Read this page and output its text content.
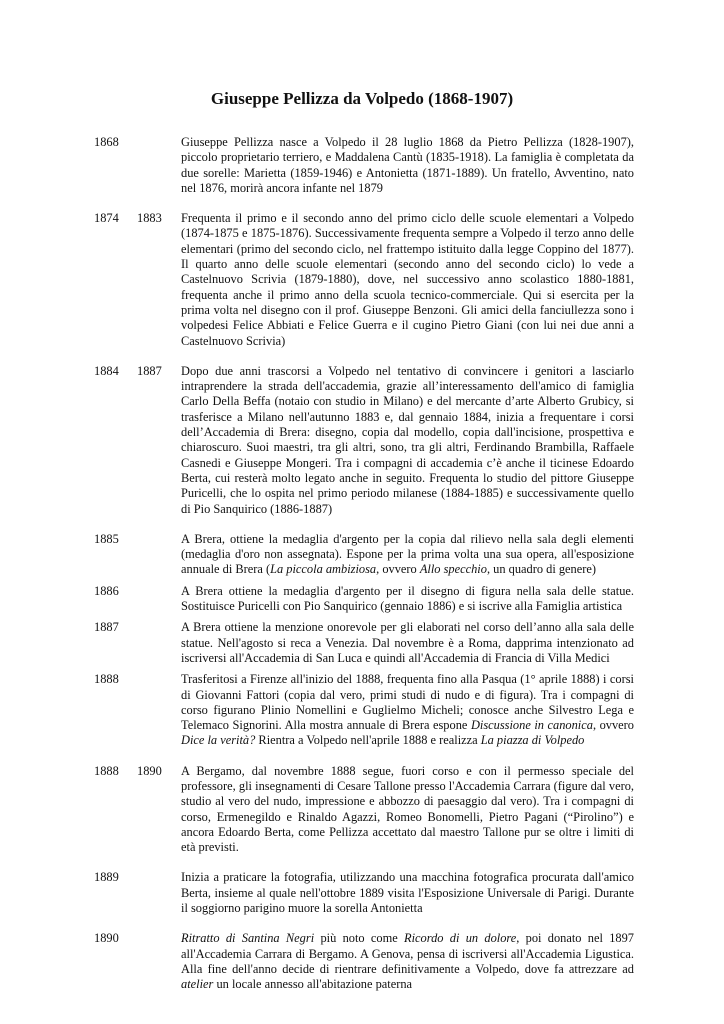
Giuseppe Pellizza da Volpedo (1868-1907)
1868	Giuseppe Pellizza nasce a Volpedo il 28 luglio 1868 da Pietro Pellizza (1828-1907), piccolo proprietario terriero, e Maddalena Cantù (1835-1918). La famiglia è completata da due sorelle: Marietta (1859-1946) e Antonietta (1871-1889). Un fratello, Avventino, nato nel 1876, morirà ancora infante nel 1879
1874 1883 Frequenta il primo e il secondo anno del primo ciclo delle scuole elementari a Volpedo (1874-1875 e 1875-1876). Successivamente frequenta sempre a Volpedo il terzo anno delle elementari (primo del secondo ciclo, nel frattempo istituito dalla legge Coppino del 1877). Il quarto anno delle scuole elementari (secondo anno del secondo ciclo) lo vede a Castelnuovo Scrivia (1879-1880), dove, nel successivo anno scolastico 1880-1881, frequenta anche il primo anno della scuola tecnico-commerciale. Qui si esercita per la prima volta nel disegno con il prof. Giuseppe Benzoni. Gli amici della fanciullezza sono i volpedesi Felice Abbiati e Felice Guerra e il cugino Pietro Giani (con lui nei due anni a Castelnuovo Scrivia)
1884 1887 Dopo due anni trascorsi a Volpedo nel tentativo di convincere i genitori a lasciarlo intraprendere la strada dell'accademia, grazie all’interessamento dell'amico di famiglia Carlo Della Beffa (notaio con studio in Milano) e del mercante d’arte Alberto Grubicy, si trasferisce a Milano nell'autunno 1883 e, dal gennaio 1884, inizia a frequentare i corsi dell’Accademia di Brera: disegno, copia dal modello, copia dall'incisione, prospettiva e chiaroscuro. Suoi maestri, tra gli altri, sono, tra gli altri, Ferdinando Brambilla, Raffaele Casnedi e Giuseppe Mongeri. Tra i compagni di accademia c’è anche il ticinese Edoardo Berta, cui resterà molto legato anche in seguito. Frequenta lo studio del pittore Giuseppe Puricelli, che lo ospita nel primo periodo milanese (1884-1885) e successivamente quello di Pio Sanquirico (1886-1887)
1885	A Brera, ottiene la medaglia d'argento per la copia dal rilievo nella sala degli elementi (medaglia d'oro non assegnata). Espone per la prima volta una sua opera, all'esposizione annuale di Brera (La piccola ambiziosa, ovvero Allo specchio, un quadro di genere)
1886	A Brera ottiene la medaglia d'argento per il disegno di figura nella sala delle statue. Sostituisce Puricelli con Pio Sanquirico (gennaio 1886) e si iscrive alla Famiglia artistica
1887	A Brera ottiene la menzione onorevole per gli elaborati nel corso dell’anno alla sala delle statue. Nell'agosto si reca a Venezia. Dal novembre è a Roma, dapprima intenzionato ad iscriversi all'Accademia di San Luca e quindi all'Accademia di Francia di Villa Medici
1888	Trasferitosi a Firenze all'inizio del 1888, frequenta fino alla Pasqua (1° aprile 1888) i corsi di Giovanni Fattori (copia dal vero, primi studi di nudo e di figura). Tra i compagni di corso figurano Plinio Nomellini e Guglielmo Micheli; conosce anche Silvestro Lega e Telemaco Signorini. Alla mostra annuale di Brera espone Discussione in canonica, ovvero Dice la verità? Rientra a Volpedo nell'aprile 1888 e realizza La piazza di Volpedo
1888 1890 A Bergamo, dal novembre 1888 segue, fuori corso e con il permesso speciale del professore, gli insegnamenti di Cesare Tallone presso l'Accademia Carrara (figure dal vero, studio al vero del nudo, impressione e abbozzo di paesaggio dal vero). Tra i compagni di corso, Ermenegildo e Rinaldo Agazzi, Romeo Bonomelli, Pietro Pagani (“Pirolino”) e ancora Edoardo Berta, come Pellizza accettato dal maestro Tallone pur se oltre i limiti di età previsti.
1889	Inizia a praticare la fotografia, utilizzando una macchina fotografica procurata dall'amico Berta, insieme al quale nell'ottobre 1889 visita l'Esposizione Universale di Parigi. Durante il soggiorno parigino muore la sorella Antonietta
1890	Ritratto di Santina Negri più noto come Ricordo di un dolore, poi donato nel 1897 all'Accademia Carrara di Bergamo. A Genova, pensa di iscriversi all'Accademia Ligustica. Alla fine dell'anno decide di rientrare definitivamente a Volpedo, dove fa attrezzare ad atelier un locale annesso all'abitazione paterna
